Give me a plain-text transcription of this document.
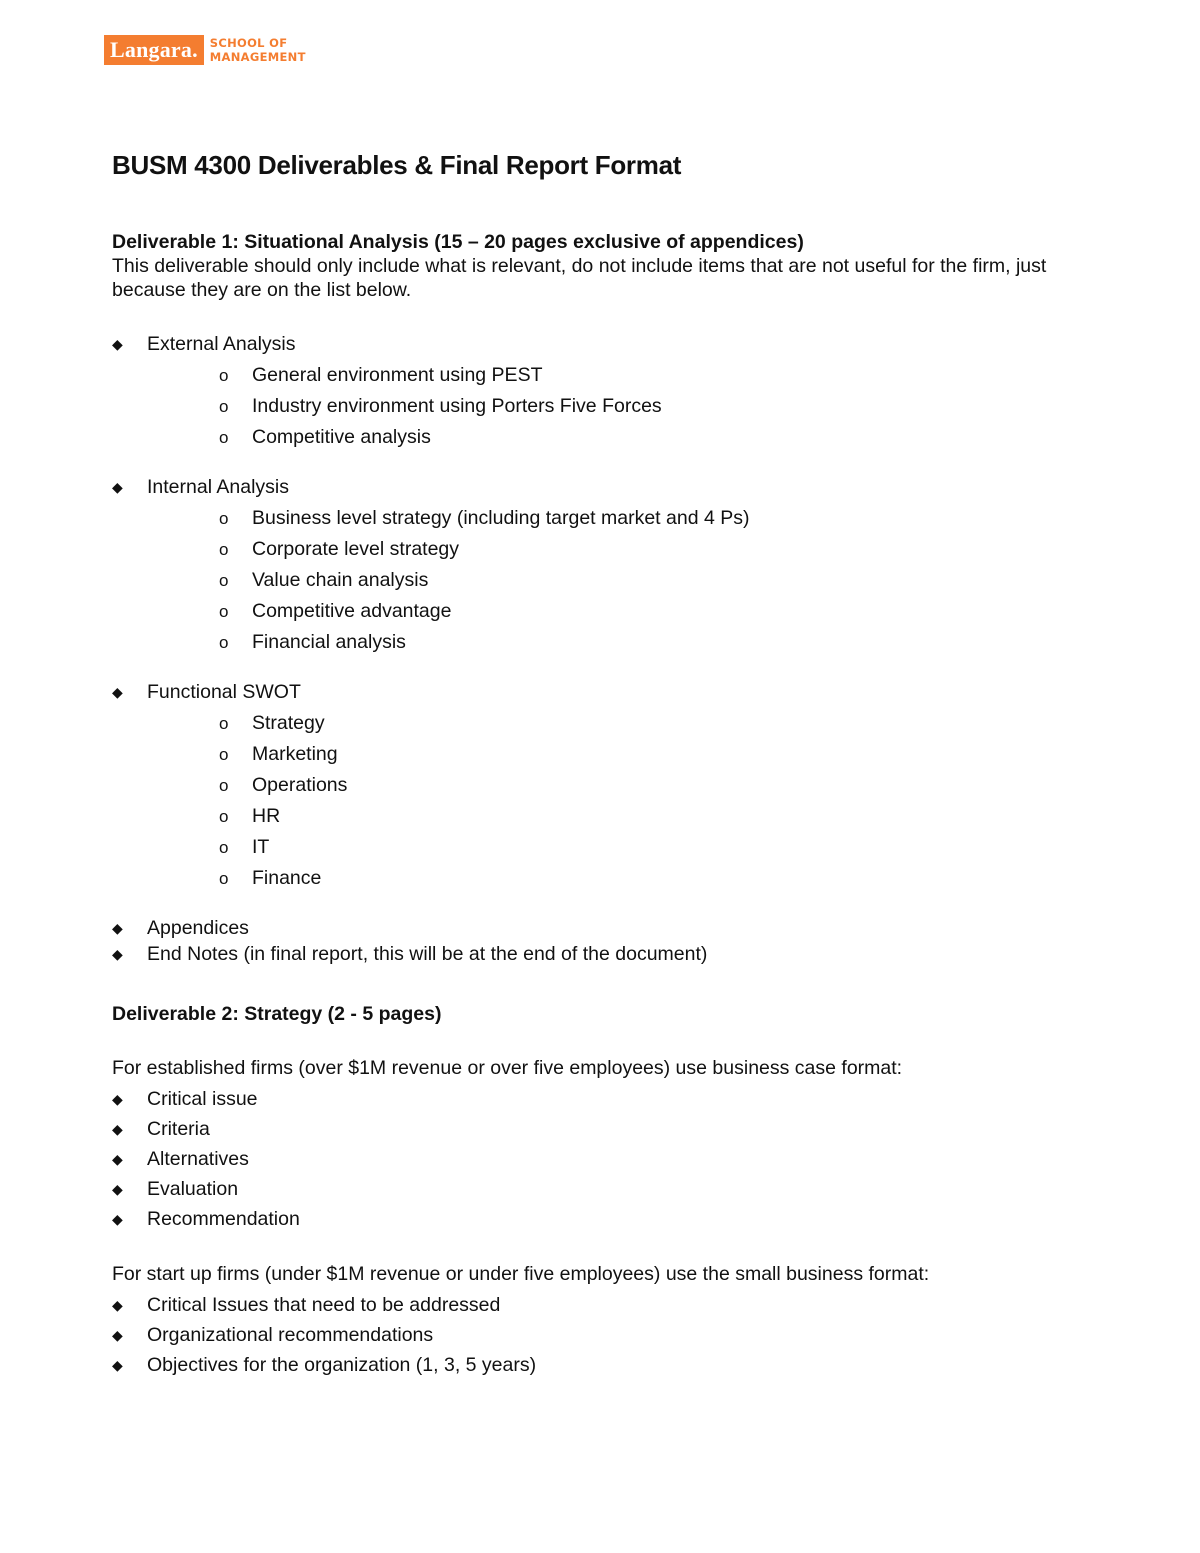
Langara.	SCHOOL OF
MANAGEMENT
BUSM 4300 Deliverables & Final Report Format
Deliverable 1: Situational Analysis (15 – 20 pages exclusive of appendices)

This deliverable should only include what is relevant, do not include items that are not useful for the firm, just because they are on the list below.

◆ External Analysis
o General environment using PEST
o Industry environment using Porters Five Forces
o Competitive analysis
◆ Internal Analysis
o Business level strategy (including target market and 4 Ps)
o Corporate level strategy
o Value chain analysis
o Competitive advantage
o Financial analysis
◆ Functional SWOT
o Strategy
o Marketing
o Operations
o HR
o IT
o Finance
◆ Appendices
◆ End Notes (in final report, this will be at the end of the document)
Deliverable 2: Strategy (2 - 5 pages)

For established firms (over $1M revenue or over five employees) use business case format:

◆ Critical issue
◆ Criteria
◆ Alternatives
◆ Evaluation
◆ Recommendation

For start up firms (under $1M revenue or under five employees) use the small business format:

◆ Critical Issues that need to be addressed
◆ Organizational recommendations
◆ Objectives for the organization (1, 3, 5 years)
